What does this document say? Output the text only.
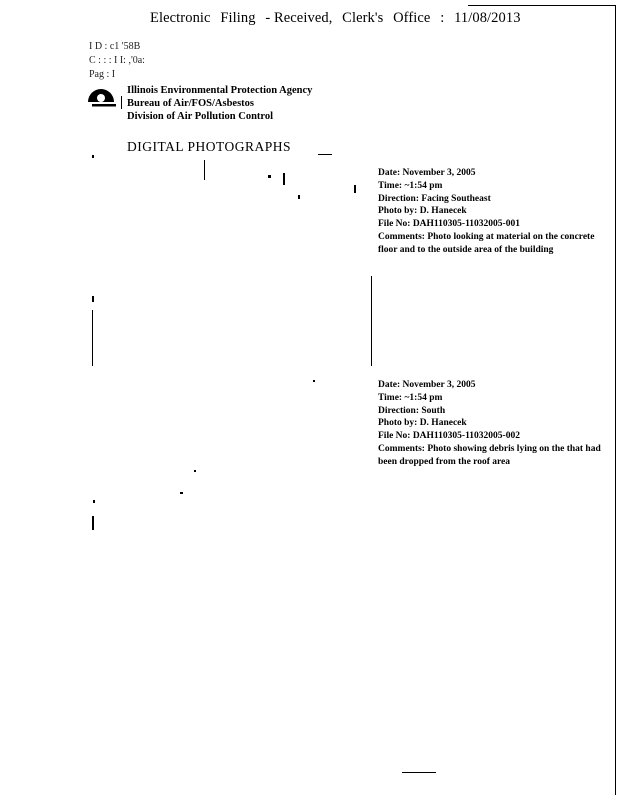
Electronic Filing - Received, Clerk's Office : 11/08/2013
I D : c1 '58B
C : : : I I: ,'0a:
Pag : I
Illinois Environmental Protection Agency
Bureau of Air/FOS/Asbestos
Division of Air Pollution Control
DIGITAL PHOTOGRAPHS
Date: November 3, 2005
Time: ~1:54 pm
Direction: Facing Southeast
Photo by: D. Hanecek
File No: DAH110305-11032005-001
Comments: Photo looking at material on the concrete floor and to the outside area of the building
Date: November 3, 2005
Time: ~1:54 pm
Direction: South
Photo by: D. Hanecek
File No: DAH110305-11032005-002
Comments: Photo showing debris lying on the that had been dropped from the roof area
